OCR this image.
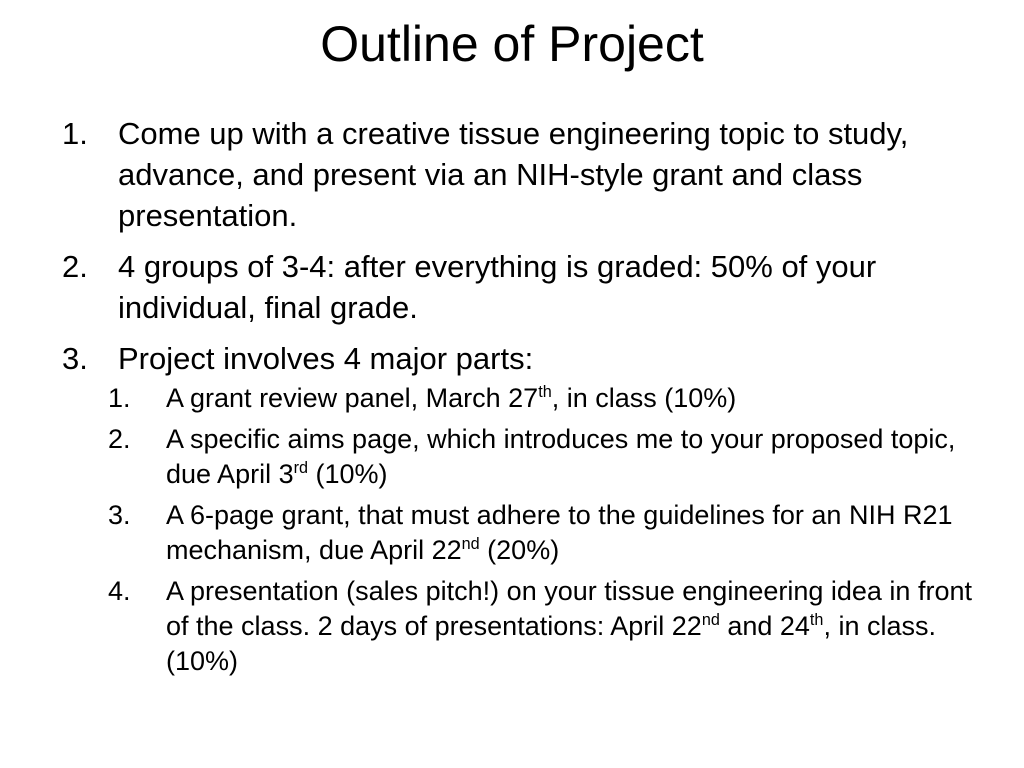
Outline of Project
1. Come up with a creative tissue engineering topic to study, advance, and present via an NIH-style grant and class presentation.
2. 4 groups of 3-4: after everything is graded: 50% of your individual, final grade.
3. Project involves 4 major parts:
1. A grant review panel, March 27th, in class (10%)
2. A specific aims page, which introduces me to your proposed topic, due April 3rd (10%)
3. A 6-page grant, that must adhere to the guidelines for an NIH R21 mechanism, due April 22nd (20%)
4. A presentation (sales pitch!) on your tissue engineering idea in front of the class. 2 days of presentations: April 22nd and 24th, in class. (10%)
